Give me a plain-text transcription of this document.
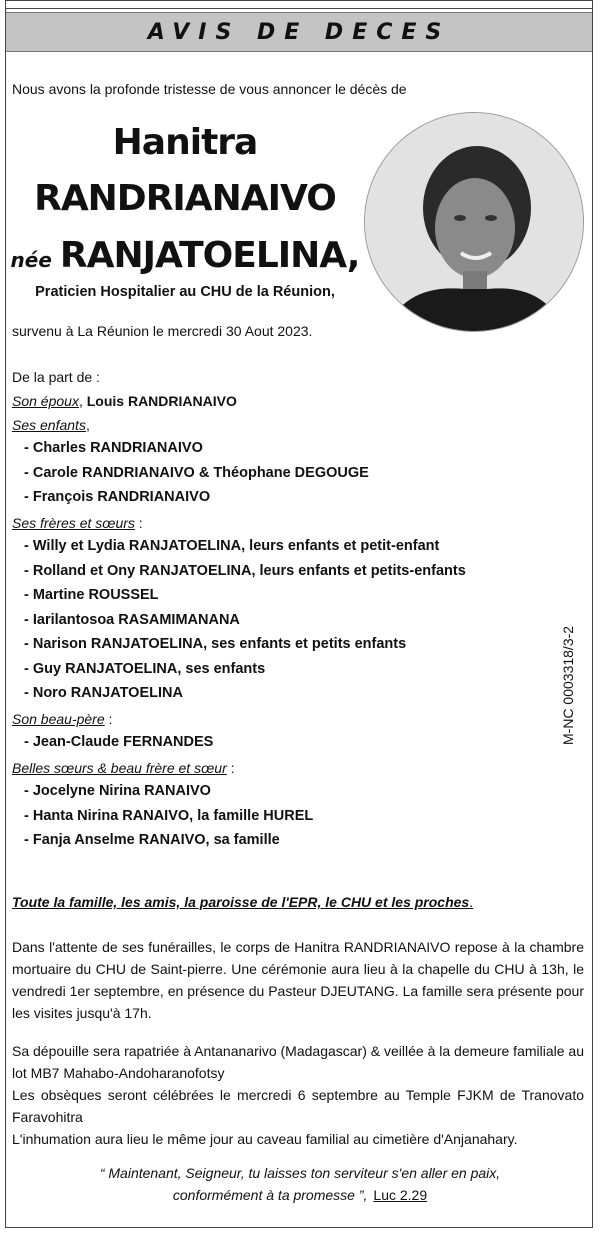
AVIS DE DECES

Nous avons la profonde tristesse de vous annoncer le décès de

Hanitra
RANDRIANAIVO
née RANJATOELINA,
Praticien Hospitalier au CHU de la Réunion,

survenu à La Réunion le mercredi 30 Aout 2023.

De la part de :

Son époux, Louis RANDRIANAIVO

Ses enfants,

- Charles RANDRIANAIVO

- Carole RANDRIANAIVO & Théophane DEGOUGE

- François RANDRIANAIVO

Ses frères et sœurs :

- Willy et Lydia RANJATOELINA, leurs enfants et petit-enfant

- Rolland et Ony RANJATOELINA, leurs enfants et petits-enfants

- Martine ROUSSEL

- Iarilantosoa RASAMIMANANA

- Narison RANJATOELINA, ses enfants et petits enfants

- Guy RANJATOELINA, ses enfants

- Noro RANJATOELINA

Son beau-père :

- Jean-Claude FERNANDES

Belles sœurs & beau frère et sœur :

- Jocelyne Nirina RANAIVO

- Hanta Nirina RANAIVO, la famille HUREL

- Fanja Anselme RANAIVO, sa famille

Toute la famille, les amis, la paroisse de l'EPR, le CHU et les proches.

Dans l'attente de ses funérailles, le corps de Hanitra RANDRIANAIVO repose à la chambre mortuaire du CHU de Saint-pierre. Une cérémonie aura lieu à la chapelle du CHU à 13h, le vendredi 1er septembre, en présence du Pasteur DJEUTANG. La famille sera présente pour les visites jusqu'à 17h.

Sa dépouille sera rapatriée à Antananarivo (Madagascar) & veillée à la demeure familiale au lot MB7 Mahabo-Andoharanofotsy

Les obsèques seront célébrées le mercredi 6 septembre au Temple FJKM de Tranovato Faravohitra

L'inhumation aura lieu le même jour au caveau familial au cimetière d'Anjanahary.

“ Maintenant, Seigneur, tu laisses ton serviteur s'en aller en paix,
conformément à ta promesse ”, Luc 2.29
M-NC 0003318/3-2
